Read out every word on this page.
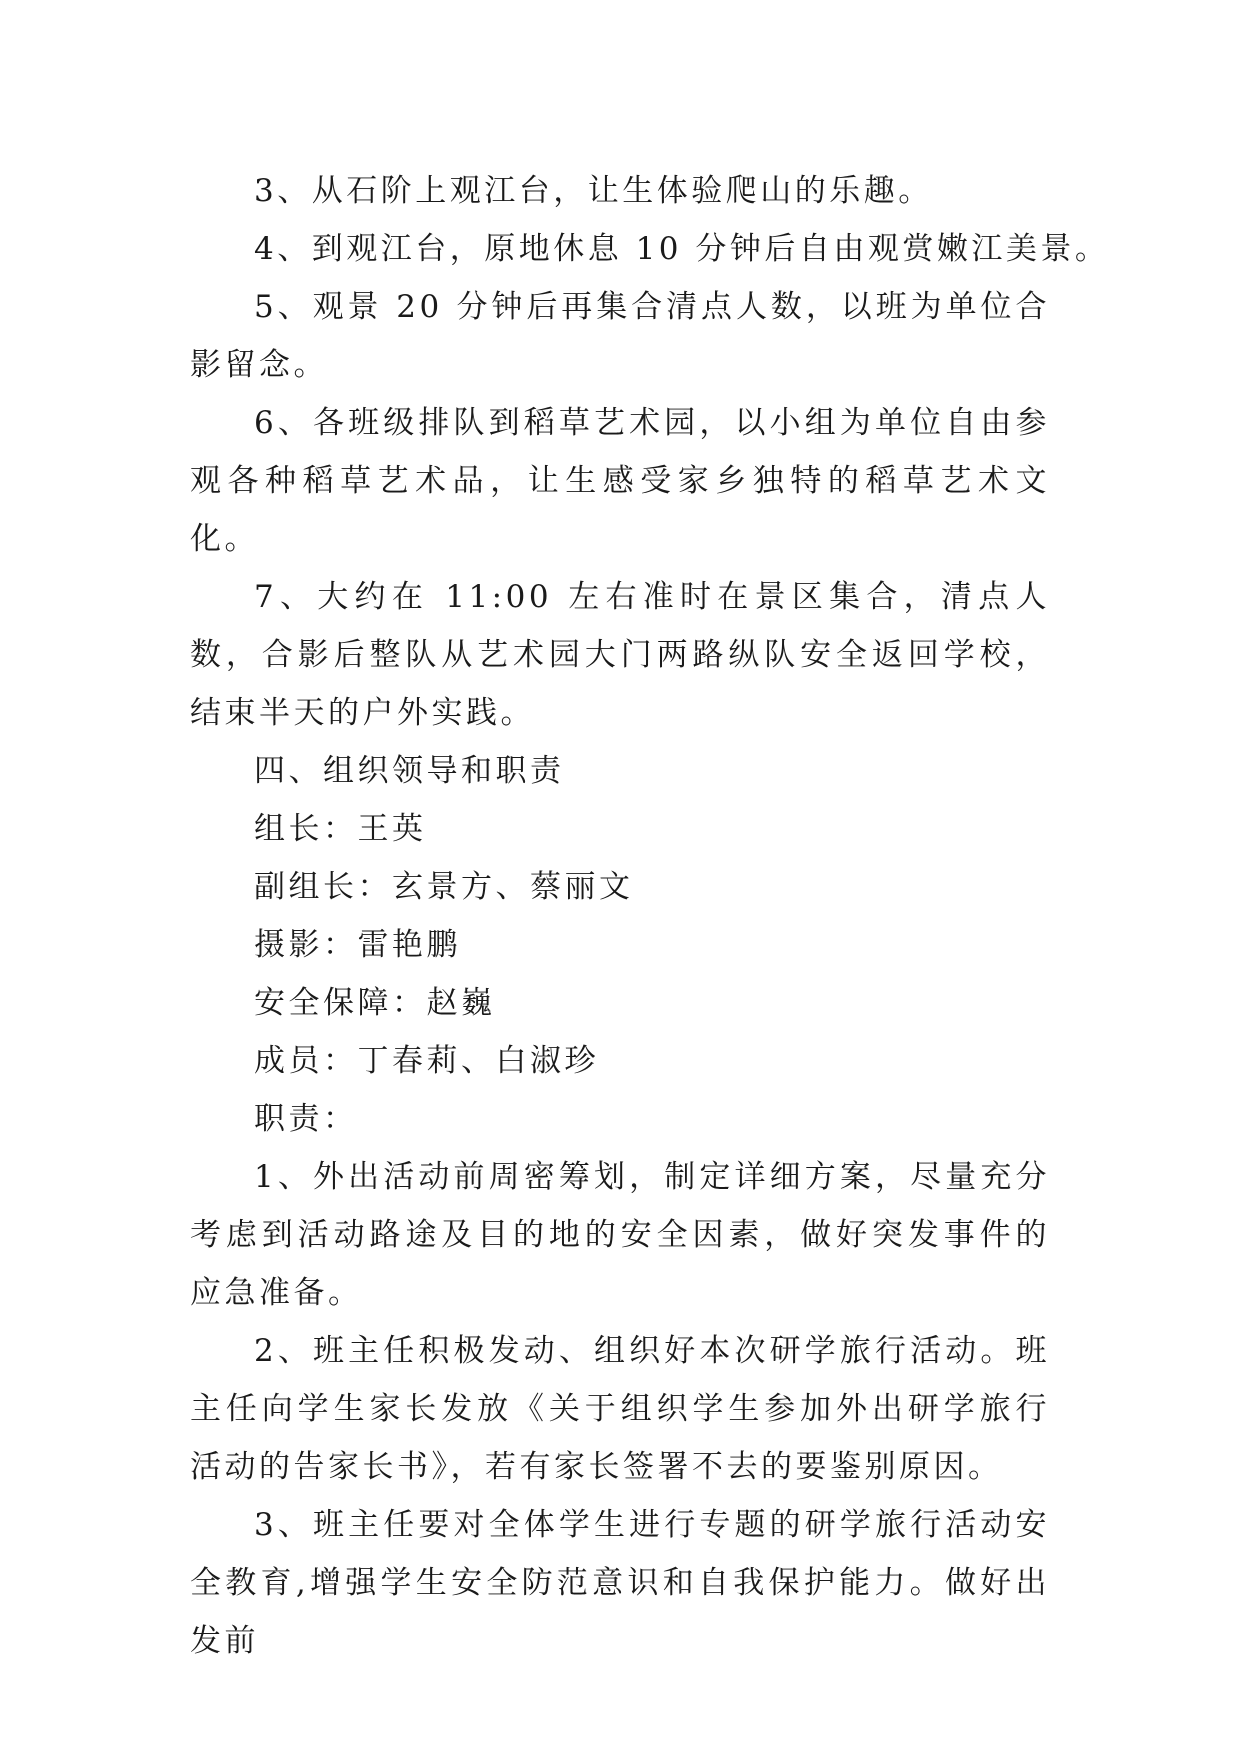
3、从石阶上观江台，让生体验爬山的乐趣。

4、到观江台，原地休息 10 分钟后自由观赏嫩江美景。

5、观景 20 分钟后再集合清点人数，以班为单位合影留念。

6、各班级排队到稻草艺术园，以小组为单位自由参观各种稻草艺术品，让生感受家乡独特的稻草艺术文化。

7、大约在 11:00 左右准时在景区集合，清点人数，合影后整队从艺术园大门两路纵队安全返回学校，结束半天的户外实践。

四、组织领导和职责

组长：王英

副组长：玄景方、蔡丽文

摄影：雷艳鹏

安全保障：赵巍

成员：丁春莉、白淑珍

职责：

1、外出活动前周密筹划，制定详细方案，尽量充分考虑到活动路途及目的地的安全因素，做好突发事件的应急准备。

2、班主任积极发动、组织好本次研学旅行活动。班主任向学生家长发放《关于组织学生参加外出研学旅行活动的告家长书》，若有家长签署不去的要鉴别原因。

3、班主任要对全体学生进行专题的研学旅行活动安全教育,增强学生安全防范意识和自我保护能力。做好出发前
